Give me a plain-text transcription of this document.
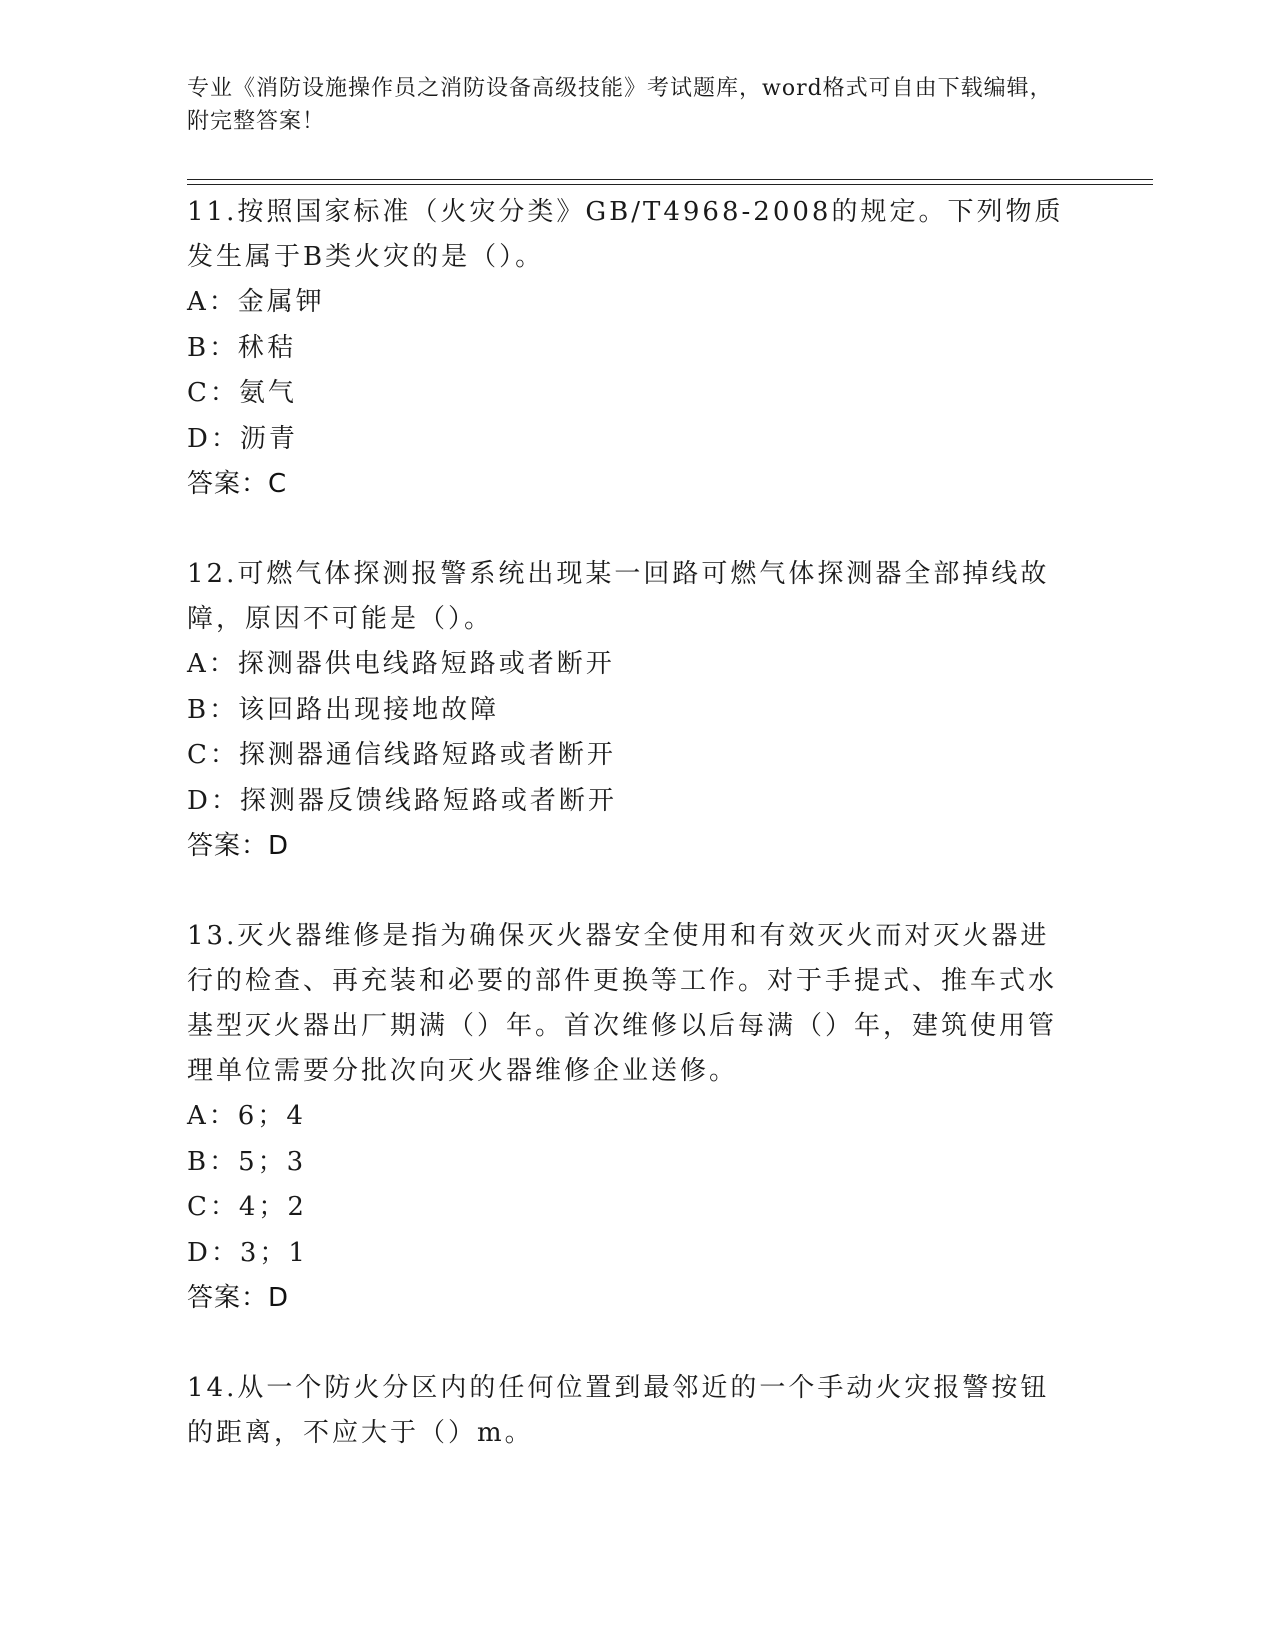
专业《消防设施操作员之消防设备高级技能》考试题库，word格式可自由下载编辑，附完整答案！

11.按照国家标准（火灾分类》GB/T4968-2008的规定。下列物质发生属于B类火灾的是（）。

A：金属钾

B：秫秸

C：氨气

D：沥青

答案：C

12.可燃气体探测报警系统出现某一回路可燃气体探测器全部掉线故障，原因不可能是（）。

A：探测器供电线路短路或者断开

B：该回路出现接地故障

C：探测器通信线路短路或者断开

D：探测器反馈线路短路或者断开

答案：D

13.灭火器维修是指为确保灭火器安全使用和有效灭火而对灭火器进行的检查、再充装和必要的部件更换等工作。对于手提式、推车式水基型灭火器出厂期满（）年。首次维修以后每满（）年，建筑使用管理单位需要分批次向灭火器维修企业送修。

A：6；4

B：5；3

C：4；2

D：3；1

答案：D

14.从一个防火分区内的任何位置到最邻近的一个手动火灾报警按钮的距离，不应大于（）m。
